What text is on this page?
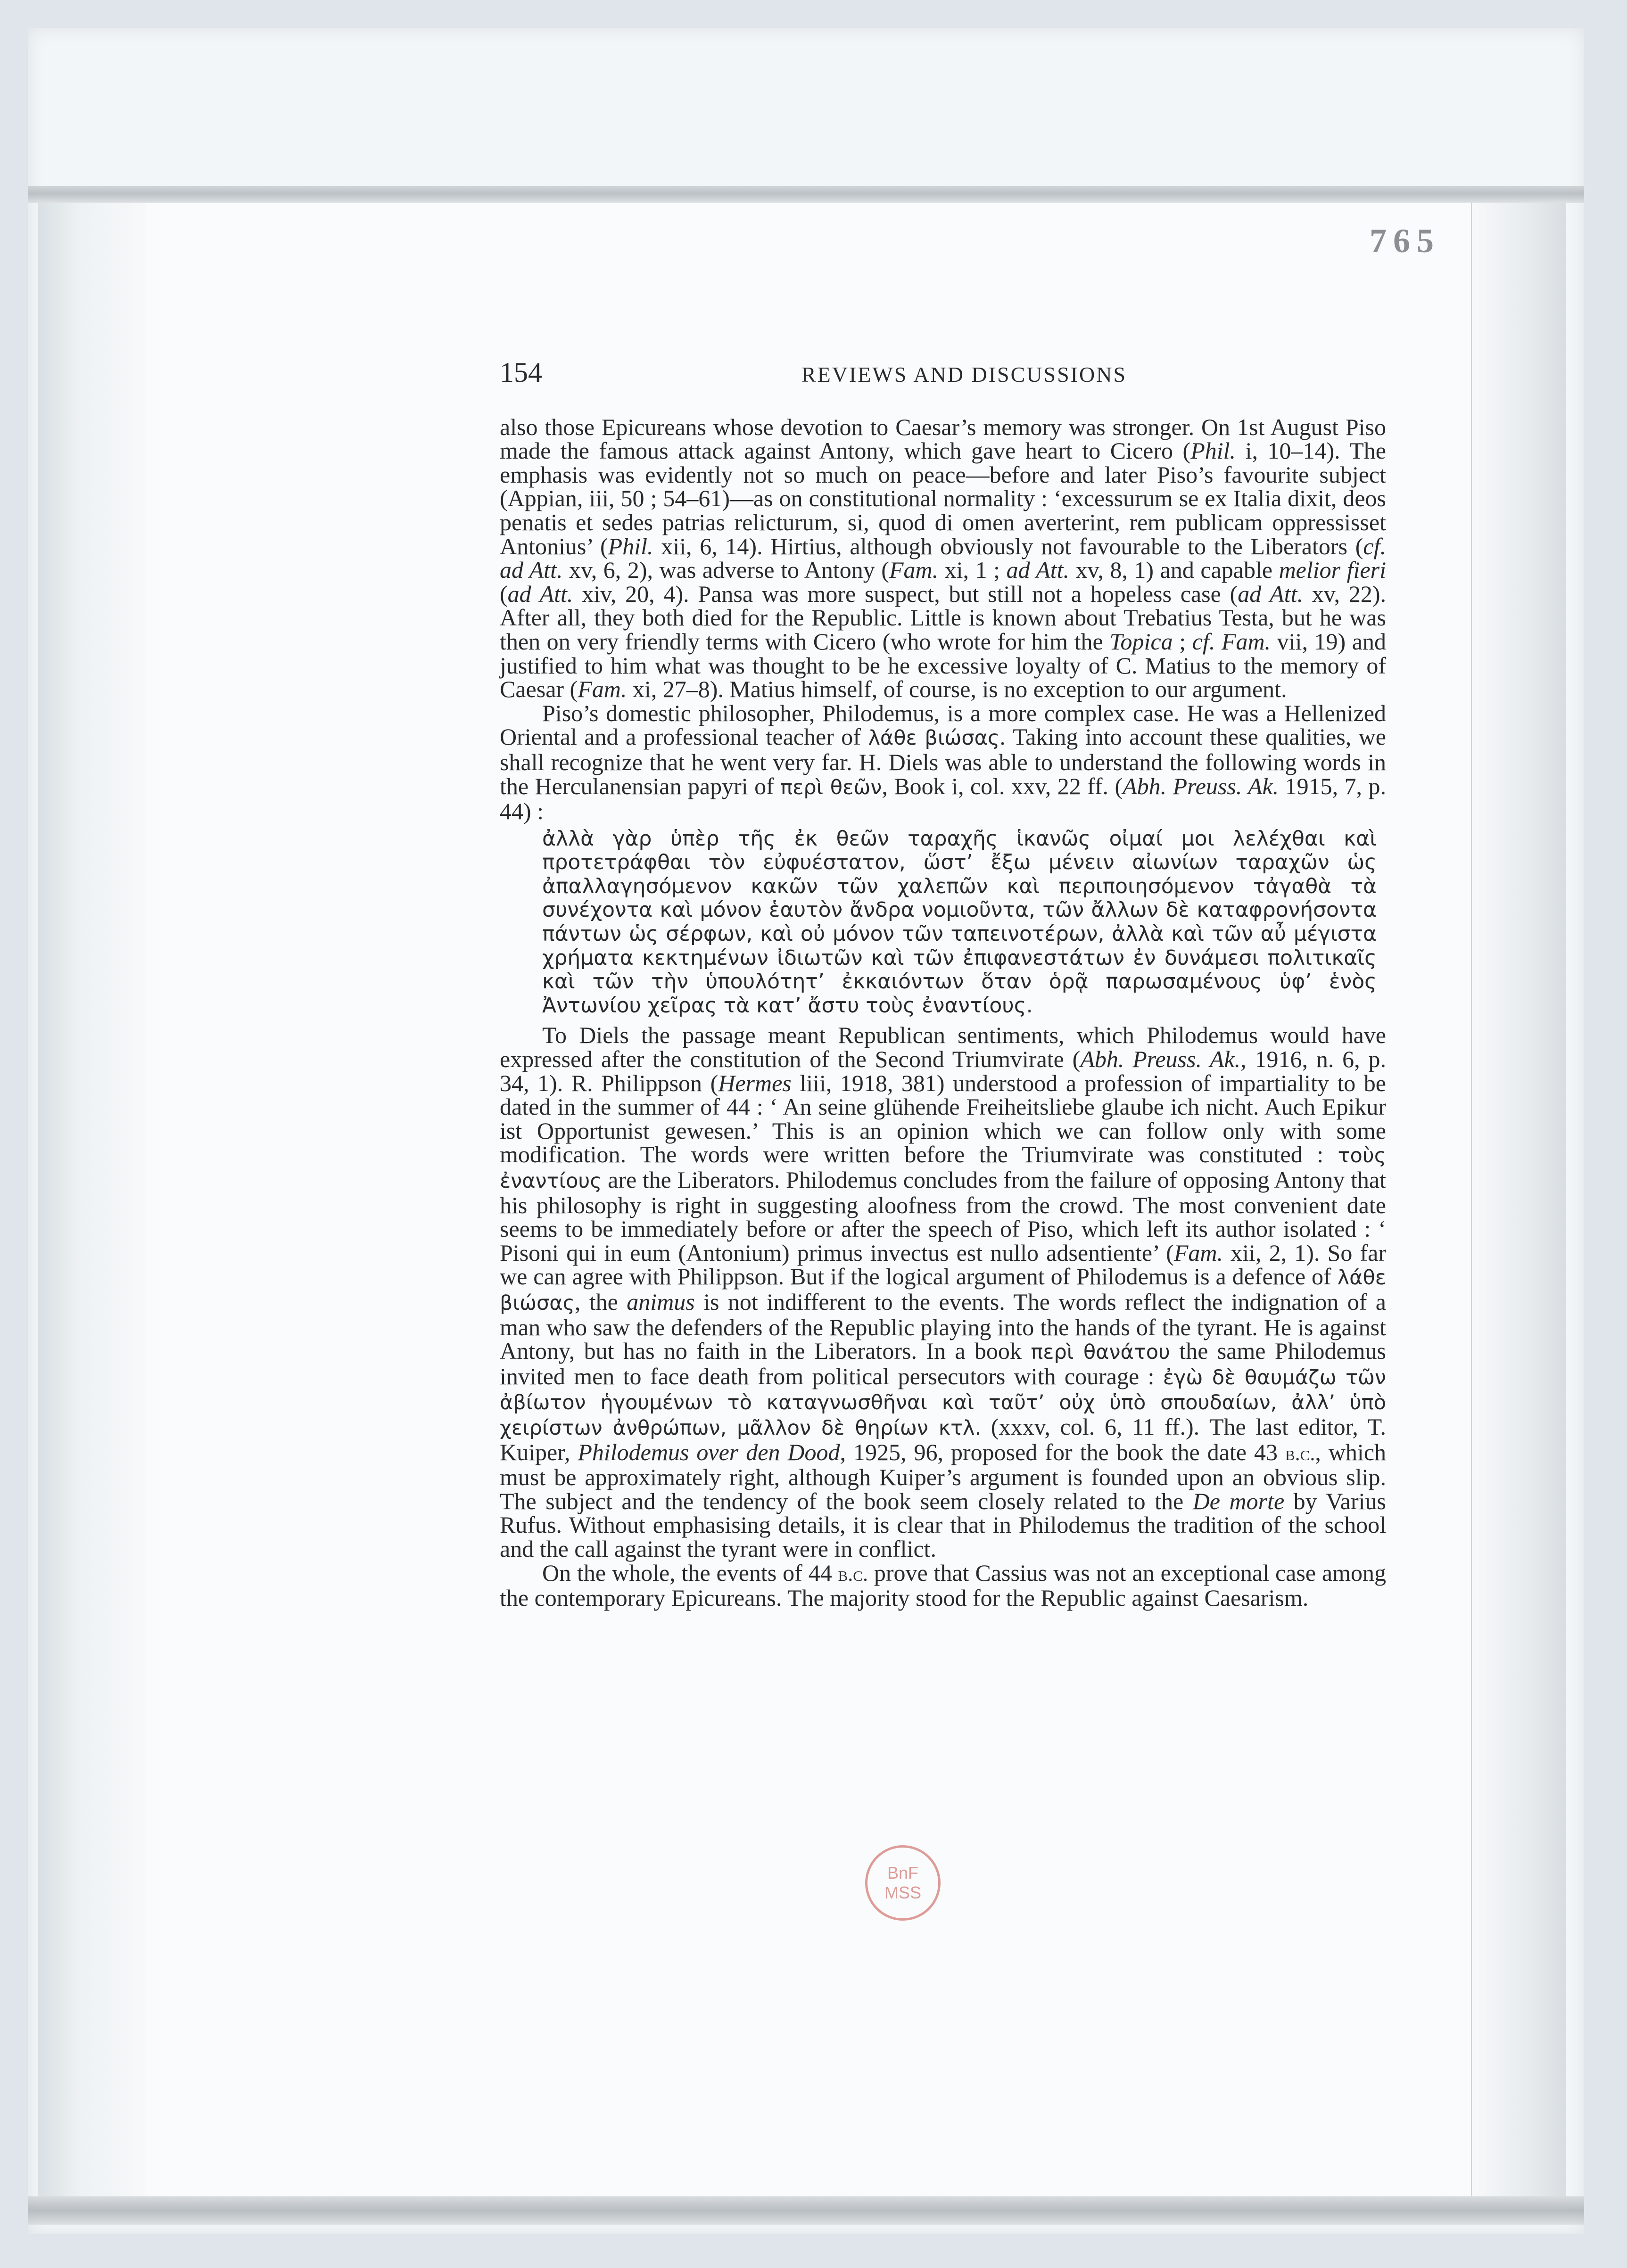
765
154	REVIEWS AND DISCUSSIONS

also those Epicureans whose devotion to Caesar’s memory was stronger. On 1st August Piso made the famous attack against Antony, which gave heart to Cicero (Phil. i, 10–14). The emphasis was evidently not so much on peace—before and later Piso’s favourite subject (Appian, iii, 50 ; 54–61)—as on constitutional normality : ‘excessurum se ex Italia dixit, deos penatis et sedes patrias relicturum, si, quod di omen averterint, rem publicam oppressisset Antonius’ (Phil. xii, 6, 14). Hirtius, although obviously not favourable to the Liberators (cf. ad Att. xv, 6, 2), was adverse to Antony (Fam. xi, 1 ; ad Att. xv, 8, 1) and capable melior fieri (ad Att. xiv, 20, 4). Pansa was more suspect, but still not a hopeless case (ad Att. xv, 22). After all, they both died for the Republic. Little is known about Trebatius Testa, but he was then on very friendly terms with Cicero (who wrote for him the Topica ; cf. Fam. vii, 19) and justified to him what was thought to be he excessive loyalty of C. Matius to the memory of Caesar (Fam. xi, 27–8). Matius himself, of course, is no exception to our argument.

Piso’s domestic philosopher, Philodemus, is a more complex case. He was a Hellenized Oriental and a professional teacher of λάθε βιώσας. Taking into account these qualities, we shall recognize that he went very far. H. Diels was able to understand the following words in the Herculanensian papyri of περὶ θεῶν, Book i, col. xxv, 22 ff. (Abh. Preuss. Ak. 1915, 7, p. 44) :

ἀλλὰ γὰρ ὑπὲρ τῆς ἐκ θεῶν ταραχῆς ἱκανῶς οἰμαί μοι λελέχθαι καὶ προτετράφθαι τὸν εὐφυέστατον, ὥστ’ ἔξω μένειν αἰωνίων ταραχῶν ὡς ἀπαλλαγησόμενον κακῶν τῶν χαλεπῶν καὶ περιποιησόμενον τἀγαθὰ τὰ συνέχοντα καὶ μόνον ἑαυτὸν ἄνδρα νομιοῦντα, τῶν ἄλλων δὲ καταφρονήσοντα πάντων ὡς σέρφων, καὶ οὐ μόνον τῶν ταπεινοτέρων, ἀλλὰ καὶ τῶν αὖ μέγιστα χρήματα κεκτημένων ἰδιωτῶν καὶ τῶν ἐπιφανεστάτων ἐν δυνάμεσι πολιτικαῖς καὶ τῶν τὴν ὑπουλότητ’ ἐκκαιόντων ὅταν ὁρᾷ παρωσαμένους ὑφ’ ἑνὸς Ἀντωνίου χεῖρας τὰ κατ’ ἄστυ τοὺς ἐναντίους.

To Diels the passage meant Republican sentiments, which Philodemus would have expressed after the constitution of the Second Triumvirate (Abh. Preuss. Ak., 1916, n. 6, p. 34, 1). R. Philippson (Hermes liii, 1918, 381) understood a profession of impartiality to be dated in the summer of 44 : ‘ An seine glühende Freiheitsliebe glaube ich nicht. Auch Epikur ist Opportunist gewesen.’ This is an opinion which we can follow only with some modification. The words were written before the Triumvirate was constituted : τοὺς ἐναντίους are the Liberators. Philodemus concludes from the failure of opposing Antony that his philosophy is right in suggesting aloofness from the crowd. The most convenient date seems to be immediately before or after the speech of Piso, which left its author isolated : ‘ Pisoni qui in eum (Antonium) primus invectus est nullo adsentiente’ (Fam. xii, 2, 1). So far we can agree with Philippson. But if the logical argument of Philodemus is a defence of λάθε βιώσας, the animus is not indifferent to the events. The words reflect the indignation of a man who saw the defenders of the Republic playing into the hands of the tyrant. He is against Antony, but has no faith in the Liberators. In a book περὶ θανάτου the same Philodemus invited men to face death from political persecutors with courage : ἐγὼ δὲ θαυμάζω τῶν ἀβίωτον ἡγουμένων τὸ καταγνωσθῆναι καὶ ταῦτ’ οὐχ ὑπὸ σπουδαίων, ἀλλ’ ὑπὸ χειρίστων ἀνθρώπων, μᾶλλον δὲ θηρίων κτλ. (xxxv, col. 6, 11 ff.). The last editor, T. Kuiper, Philodemus over den Dood, 1925, 96, proposed for the book the date 43 b.c., which must be approximately right, although Kuiper’s argument is founded upon an obvious slip. The subject and the tendency of the book seem closely related to the De morte by Varius Rufus. Without emphasising details, it is clear that in Philodemus the tradition of the school and the call against the tyrant were in conflict.

On the whole, the events of 44 b.c. prove that Cassius was not an exceptional case among the contemporary Epicureans. The majority stood for the Republic against Caesarism.

BnF
MSS
